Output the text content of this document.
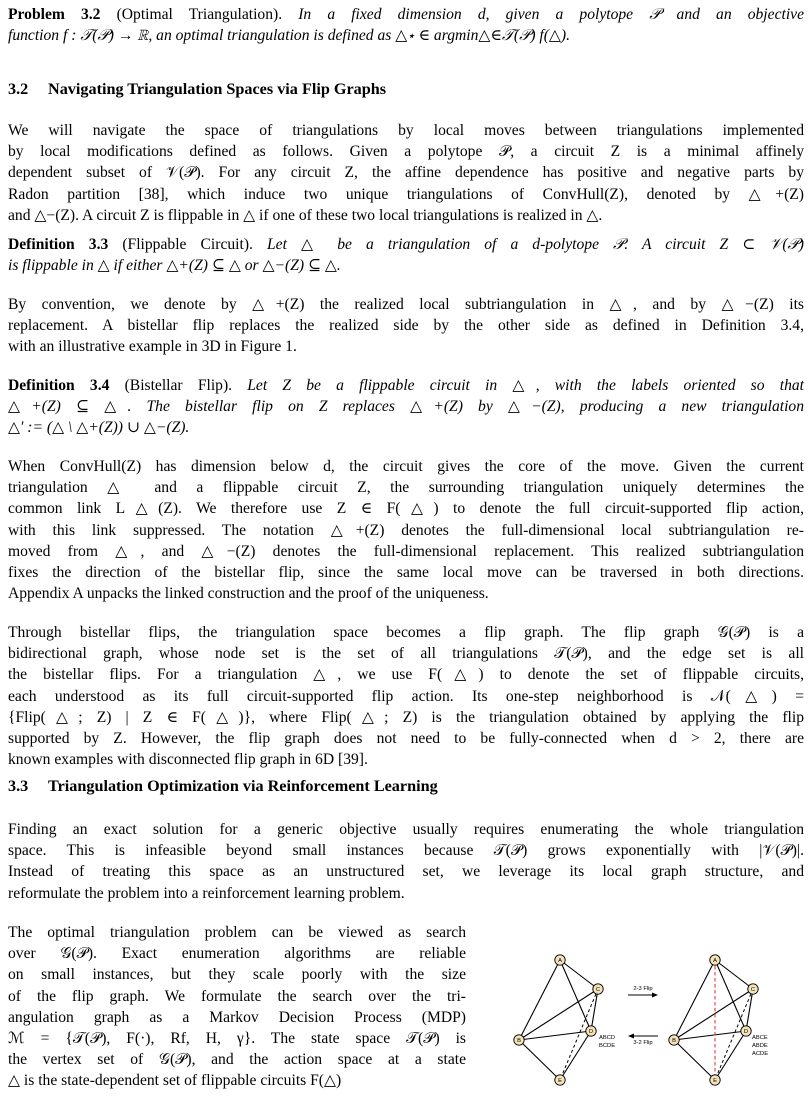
Problem 3.2 (Optimal Triangulation). In a fixed dimension d, given a polytope 𝒫 and an objective
function f : 𝒯(𝒫) → ℝ, an optimal triangulation is defined as △⋆ ∈ argmin△∈𝒯(𝒫) f(△).

3.2 Navigating Triangulation Spaces via Flip Graphs

We will navigate the space of triangulations by local moves between triangulations implemented
by local modifications defined as follows. Given a polytope 𝒫, a circuit Z is a minimal affinely
dependent subset of 𝒱(𝒫). For any circuit Z, the affine dependence has positive and negative parts by
Radon partition [38], which induce two unique triangulations of ConvHull(Z), denoted by △+(Z)
and △−(Z). A circuit Z is flippable in △ if one of these two local triangulations is realized in △.

Definition 3.3 (Flippable Circuit). Let △ be a triangulation of a d-polytope 𝒫. A circuit Z ⊂ 𝒱(𝒫)
is flippable in △ if either △+(Z) ⊆ △ or △−(Z) ⊆ △.

By convention, we denote by △+(Z) the realized local subtriangulation in △, and by △−(Z) its
replacement. A bistellar flip replaces the realized side by the other side as defined in Definition 3.4,
with an illustrative example in 3D in Figure 1.

Definition 3.4 (Bistellar Flip). Let Z be a flippable circuit in △, with the labels oriented so that
△+(Z) ⊆ △. The bistellar flip on Z replaces △+(Z) by △−(Z), producing a new triangulation
△′ := (△ \ △+(Z)) ∪ △−(Z).

When ConvHull(Z) has dimension below d, the circuit gives the core of the move. Given the current
triangulation △ and a flippable circuit Z, the surrounding triangulation uniquely determines the
common link L△(Z). We therefore use Z ∈ F(△) to denote the full circuit-supported flip action,
with this link suppressed. The notation △+(Z) denotes the full-dimensional local subtriangulation re-
moved from △, and △−(Z) denotes the full-dimensional replacement. This realized subtriangulation
fixes the direction of the bistellar flip, since the same local move can be traversed in both directions.
Appendix A unpacks the linked construction and the proof of the uniqueness.

Through bistellar flips, the triangulation space becomes a flip graph. The flip graph 𝒢(𝒫) is a
bidirectional graph, whose node set is the set of all triangulations 𝒯(𝒫), and the edge set is all
the bistellar flips. For a triangulation △, we use F(△) to denote the set of flippable circuits,
each understood as its full circuit-supported flip action. Its one-step neighborhood is 𝒩(△) =
{Flip(△; Z) | Z ∈ F(△)}, where Flip(△; Z) is the triangulation obtained by applying the flip
supported by Z. However, the flip graph does not need to be fully-connected when d > 2, there are
known examples with disconnected flip graph in 6D [39].

3.3 Triangulation Optimization via Reinforcement Learning

Finding an exact solution for a generic objective usually requires enumerating the whole triangulation
space. This is infeasible beyond small instances because 𝒯(𝒫) grows exponentially with |𝒱(𝒫)|.
Instead of treating this space as an unstructured set, we leverage its local graph structure, and
reformulate the problem into a reinforcement learning problem.

The optimal triangulation problem can be viewed as search
over 𝒢(𝒫). Exact enumeration algorithms are reliable
on small instances, but they scale poorly with the size
of the flip graph. We formulate the search over the tri-
angulation graph as a Markov Decision Process (MDP)
ℳ = {𝒯(𝒫), F(·), Rf, H, γ}. The state space 𝒯(𝒫) is
the vertex set of 𝒢(𝒫), and the action space at a state
△ is the state-dependent set of flippable circuits F(△)

A
B
C
D
E
A
B
C
D
E
2-3 Flip
3-2 Flip
ABCD
BCDE
ABCE
ABDE
ACDE
